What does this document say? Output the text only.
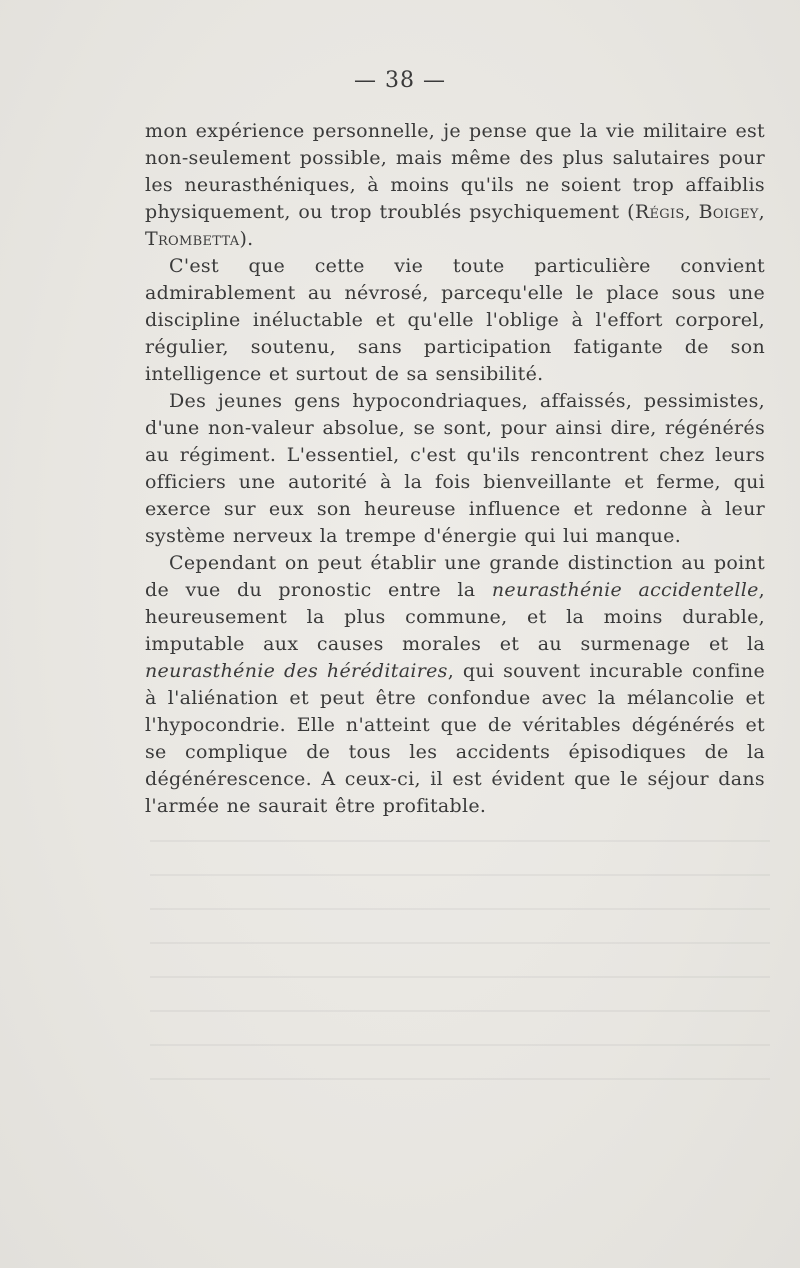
— 38 —

mon expérience personnelle, je pense que la vie militaire est non-seulement possible, mais même des plus salutaires pour les neurasthéniques, à moins qu'ils ne soient trop affaiblis physiquement, ou trop troublés psychiquement (Régis, Boigey, Trombetta).

C'est que cette vie toute particulière convient admirablement au névrosé, parcequ'elle le place sous une discipline inéluctable et qu'elle l'oblige à l'effort corporel, régulier, soutenu, sans participation fatigante de son intelligence et surtout de sa sensibilité.

Des jeunes gens hypocondriaques, affaissés, pessimistes, d'une non-valeur absolue, se sont, pour ainsi dire, régénérés au régiment. L'essentiel, c'est qu'ils rencontrent chez leurs officiers une autorité à la fois bienveillante et ferme, qui exerce sur eux son heureuse influence et redonne à leur système nerveux la trempe d'énergie qui lui manque.

Cependant on peut établir une grande distinction au point de vue du pronostic entre la neurasthénie accidentelle, heureusement la plus commune, et la moins durable, imputable aux causes morales et au surmenage et la neurasthénie des héréditaires, qui souvent incurable confine à l'aliénation et peut être confondue avec la mélancolie et l'hypocondrie. Elle n'atteint que de véritables dégénérés et se complique de tous les accidents épisodiques de la dégénérescence. A ceux-ci, il est évident que le séjour dans l'armée ne saurait être profitable.
